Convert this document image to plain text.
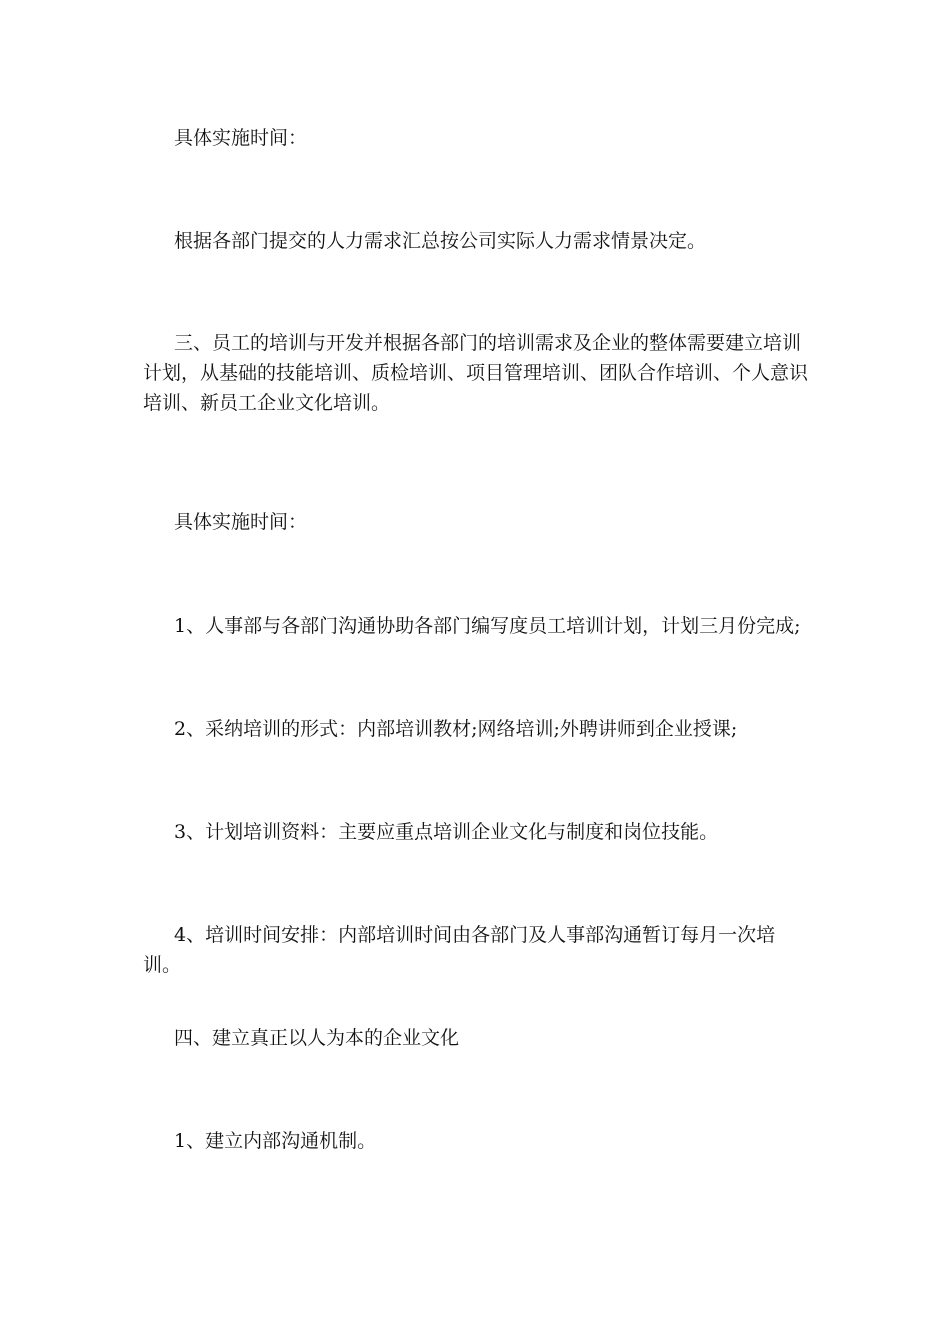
具体实施时间：

根据各部门提交的人力需求汇总按公司实际人力需求情景决定。

三、员工的培训与开发并根据各部门的培训需求及企业的整体需要建立培训计划，从基础的技能培训、质检培训、项目管理培训、团队合作培训、个人意识培训、新员工企业文化培训。

具体实施时间：

1、人事部与各部门沟通协助各部门编写度员工培训计划，计划三月份完成;

2、采纳培训的形式：内部培训教材;网络培训;外聘讲师到企业授课;

3、计划培训资料：主要应重点培训企业文化与制度和岗位技能。

4、培训时间安排：内部培训时间由各部门及人事部沟通暂订每月一次培训。

四、建立真正以人为本的企业文化

1、建立内部沟通机制。
